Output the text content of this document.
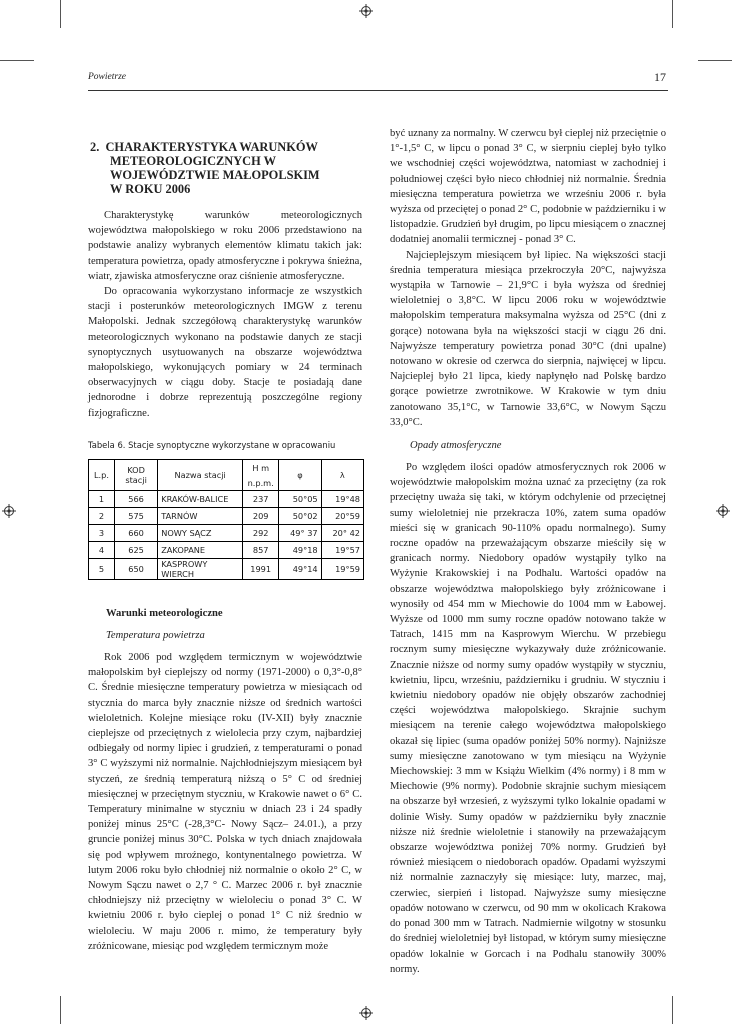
Powietrze	17
2.  CHARAKTERYSTYKA WARUNKÓW
METEOROLOGICZNYCH W
WOJEWÓDZTWIE MAŁOPOLSKIM
W ROKU 2006

Charakterystykę warunków meteorologicznych województwa małopolskiego w roku 2006 przedstawiono na podstawie analizy wybranych elementów klimatu takich jak: temperatura powietrza, opady atmosferyczne i pokrywa śnieżna, wiatr, zjawiska atmosferyczne oraz ciśnienie atmosferyczne.

Do opracowania wykorzystano informacje ze wszystkich stacji i posterunków meteorologicznych IMGW z terenu Małopolski. Jednak szczegółową charakterystykę warunków meteorologicznych wykonano na podstawie danych ze stacji synoptycznych usytuowanych na obszarze województwa małopolskiego, wykonujących pomiary w 24 terminach obserwacyjnych w ciągu doby. Stacje te posiadają dane jednorodne i dobrze reprezentują poszczególne regiony fizjograficzne.

Tabela 6. Stacje synoptyczne wykorzystane w opracowaniu
L.p.	KOD stacji	Nazwa stacji	H m	φ	λ
			n.p.m.		
1	566	KRAKÓW-BALICE	237	50°05	19°48
2	575	TARNÓW	209	50°02	20°59
3	660	NOWY SĄCZ	292	49° 37	20° 42
4	625	ZAKOPANE	857	49°18	19°57
5	650	KASPROWY WIERCH	1991	49°14	19°59
Warunki meteorologiczne
Temperatura powietrza

Rok 2006 pod względem termicznym w województwie małopolskim był cieplejszy od normy (1971-2000) o 0,3°-0,8° C. Średnie miesięczne temperatury powietrza w miesiącach od stycznia do marca były znacznie niższe od średnich wartości wieloletnich. Kolejne miesiące roku (IV-XII) były znacznie cieplejsze od przeciętnych z wielolecia przy czym, najbardziej odbiegały od normy lipiec i grudzień, z temperaturami o ponad 3° C wyższymi niż normalnie. Najchłodniejszym miesiącem był styczeń, ze średnią temperaturą niższą o 5° C od średniej miesięcznej w przeciętnym styczniu, w Krakowie nawet o 6° C. Temperatury minimalne w styczniu w dniach 23 i 24 spadły poniżej minus 25°C (-28,3°C- Nowy Sącz– 24.01.), a przy gruncie poniżej minus 30°C. Polska w tych dniach znajdowała się pod wpływem mroźnego, kontynentalnego powietrza. W lutym 2006 roku było chłodniej niż normalnie o około 2° C, w Nowym Sączu nawet o 2,7 ° C. Marzec 2006 r. był znacznie chłodniejszy niż przeciętny w wieloleciu o ponad 3° C. W kwietniu 2006 r. było cieplej o ponad 1° C niż średnio w wieloleciu. W maju 2006 r. mimo, że temperatury były zróżnicowane, miesiąc pod względem termicznym może

być uznany za normalny. W czerwcu był cieplej niż przeciętnie o 1°-1,5° C, w lipcu o ponad 3° C, w sierpniu cieplej było tylko we wschodniej części województwa, natomiast w zachodniej i południowej części było nieco chłodniej niż normalnie. Średnia miesięczna temperatura powietrza we wrześniu 2006 r. była wyższa od przeciętej o ponad 2° C, podobnie w październiku i w listopadzie. Grudzień był drugim, po lipcu miesiącem o znacznej dodatniej anomalii termicznej - ponad 3° C.

Najcieplejszym miesiącem był lipiec. Na większości stacji średnia temperatura miesiąca przekroczyła 20°C, najwyższa wystąpiła w Tarnowie – 21,9°C i była wyższa od średniej wieloletniej o 3,8°C. W lipcu 2006 roku w województwie małopolskim temperatura maksymalna wyższa od 25°C (dni z gorące) notowana była na większości stacji w ciągu 26 dni. Najwyższe temperatury powietrza ponad 30°C (dni upalne) notowano w okresie od czerwca do sierpnia, najwięcej w lipcu. Najcieplej było 21 lipca, kiedy napłynęło nad Polskę bardzo gorące powietrze zwrotnikowe. W Krakowie w tym dniu zanotowano 35,1°C, w Tarnowie 33,6°C, w Nowym Sączu 33,0°C.

Opady atmosferyczne

Po względem ilości opadów atmosferycznych rok 2006 w województwie małopolskim można uznać za przeciętny (za rok przeciętny uważa się taki, w którym odchylenie od przeciętnej sumy wieloletniej nie przekracza 10%, zatem suma opadów mieści się w granicach 90-110% opadu normalnego). Sumy roczne opadów na przeważającym obszarze mieściły się w granicach normy. Niedobory opadów wystąpiły tylko na Wyżynie Krakowskiej i na Podhalu. Wartości opadów na obszarze województwa małopolskiego były zróżnicowane i wynosiły od 454 mm w Miechowie do 1004 mm w Łabowej. Wyższe od 1000 mm sumy roczne opadów notowano także w Tatrach, 1415 mm na Kasprowym Wierchu. W przebiegu rocznym sumy miesięczne wykazywały duże zróżnicowanie. Znacznie niższe od normy sumy opadów wystąpiły w styczniu, kwietniu, lipcu, wrześniu, październiku i grudniu. W styczniu i kwietniu niedobory opadów nie objęły obszarów zachodniej części województwa małopolskiego. Skrajnie suchym miesiącem na terenie całego województwa małopolskiego okazał się lipiec (suma opadów poniżej 50% normy). Najniższe sumy miesięczne zanotowano w tym miesiącu na Wyżynie Miechowskiej: 3 mm w Książu Wielkim (4% normy) i 8 mm w Miechowie (9% normy). Podobnie skrajnie suchym miesiącem na obszarze był wrzesień, z wyższymi tylko lokalnie opadami w dolinie Wisły. Sumy opadów w październiku były znacznie niższe niż średnie wieloletnie i stanowiły na przeważającym obszarze województwa poniżej 70% normy. Grudzień był również miesiącem o niedoborach opadów. Opadami wyższymi niż normalnie zaznaczyły się miesiące: luty, marzec, maj, czerwiec, sierpień i listopad. Najwyższe sumy miesięczne opadów notowano w czerwcu, od 90 mm w okolicach Krakowa do ponad 300 mm w Tatrach. Nadmiernie wilgotny w stosunku do średniej wieloletniej był listopad, w którym sumy miesięczne opadów lokalnie w Gorcach i na Podhalu stanowiły 300% normy.
